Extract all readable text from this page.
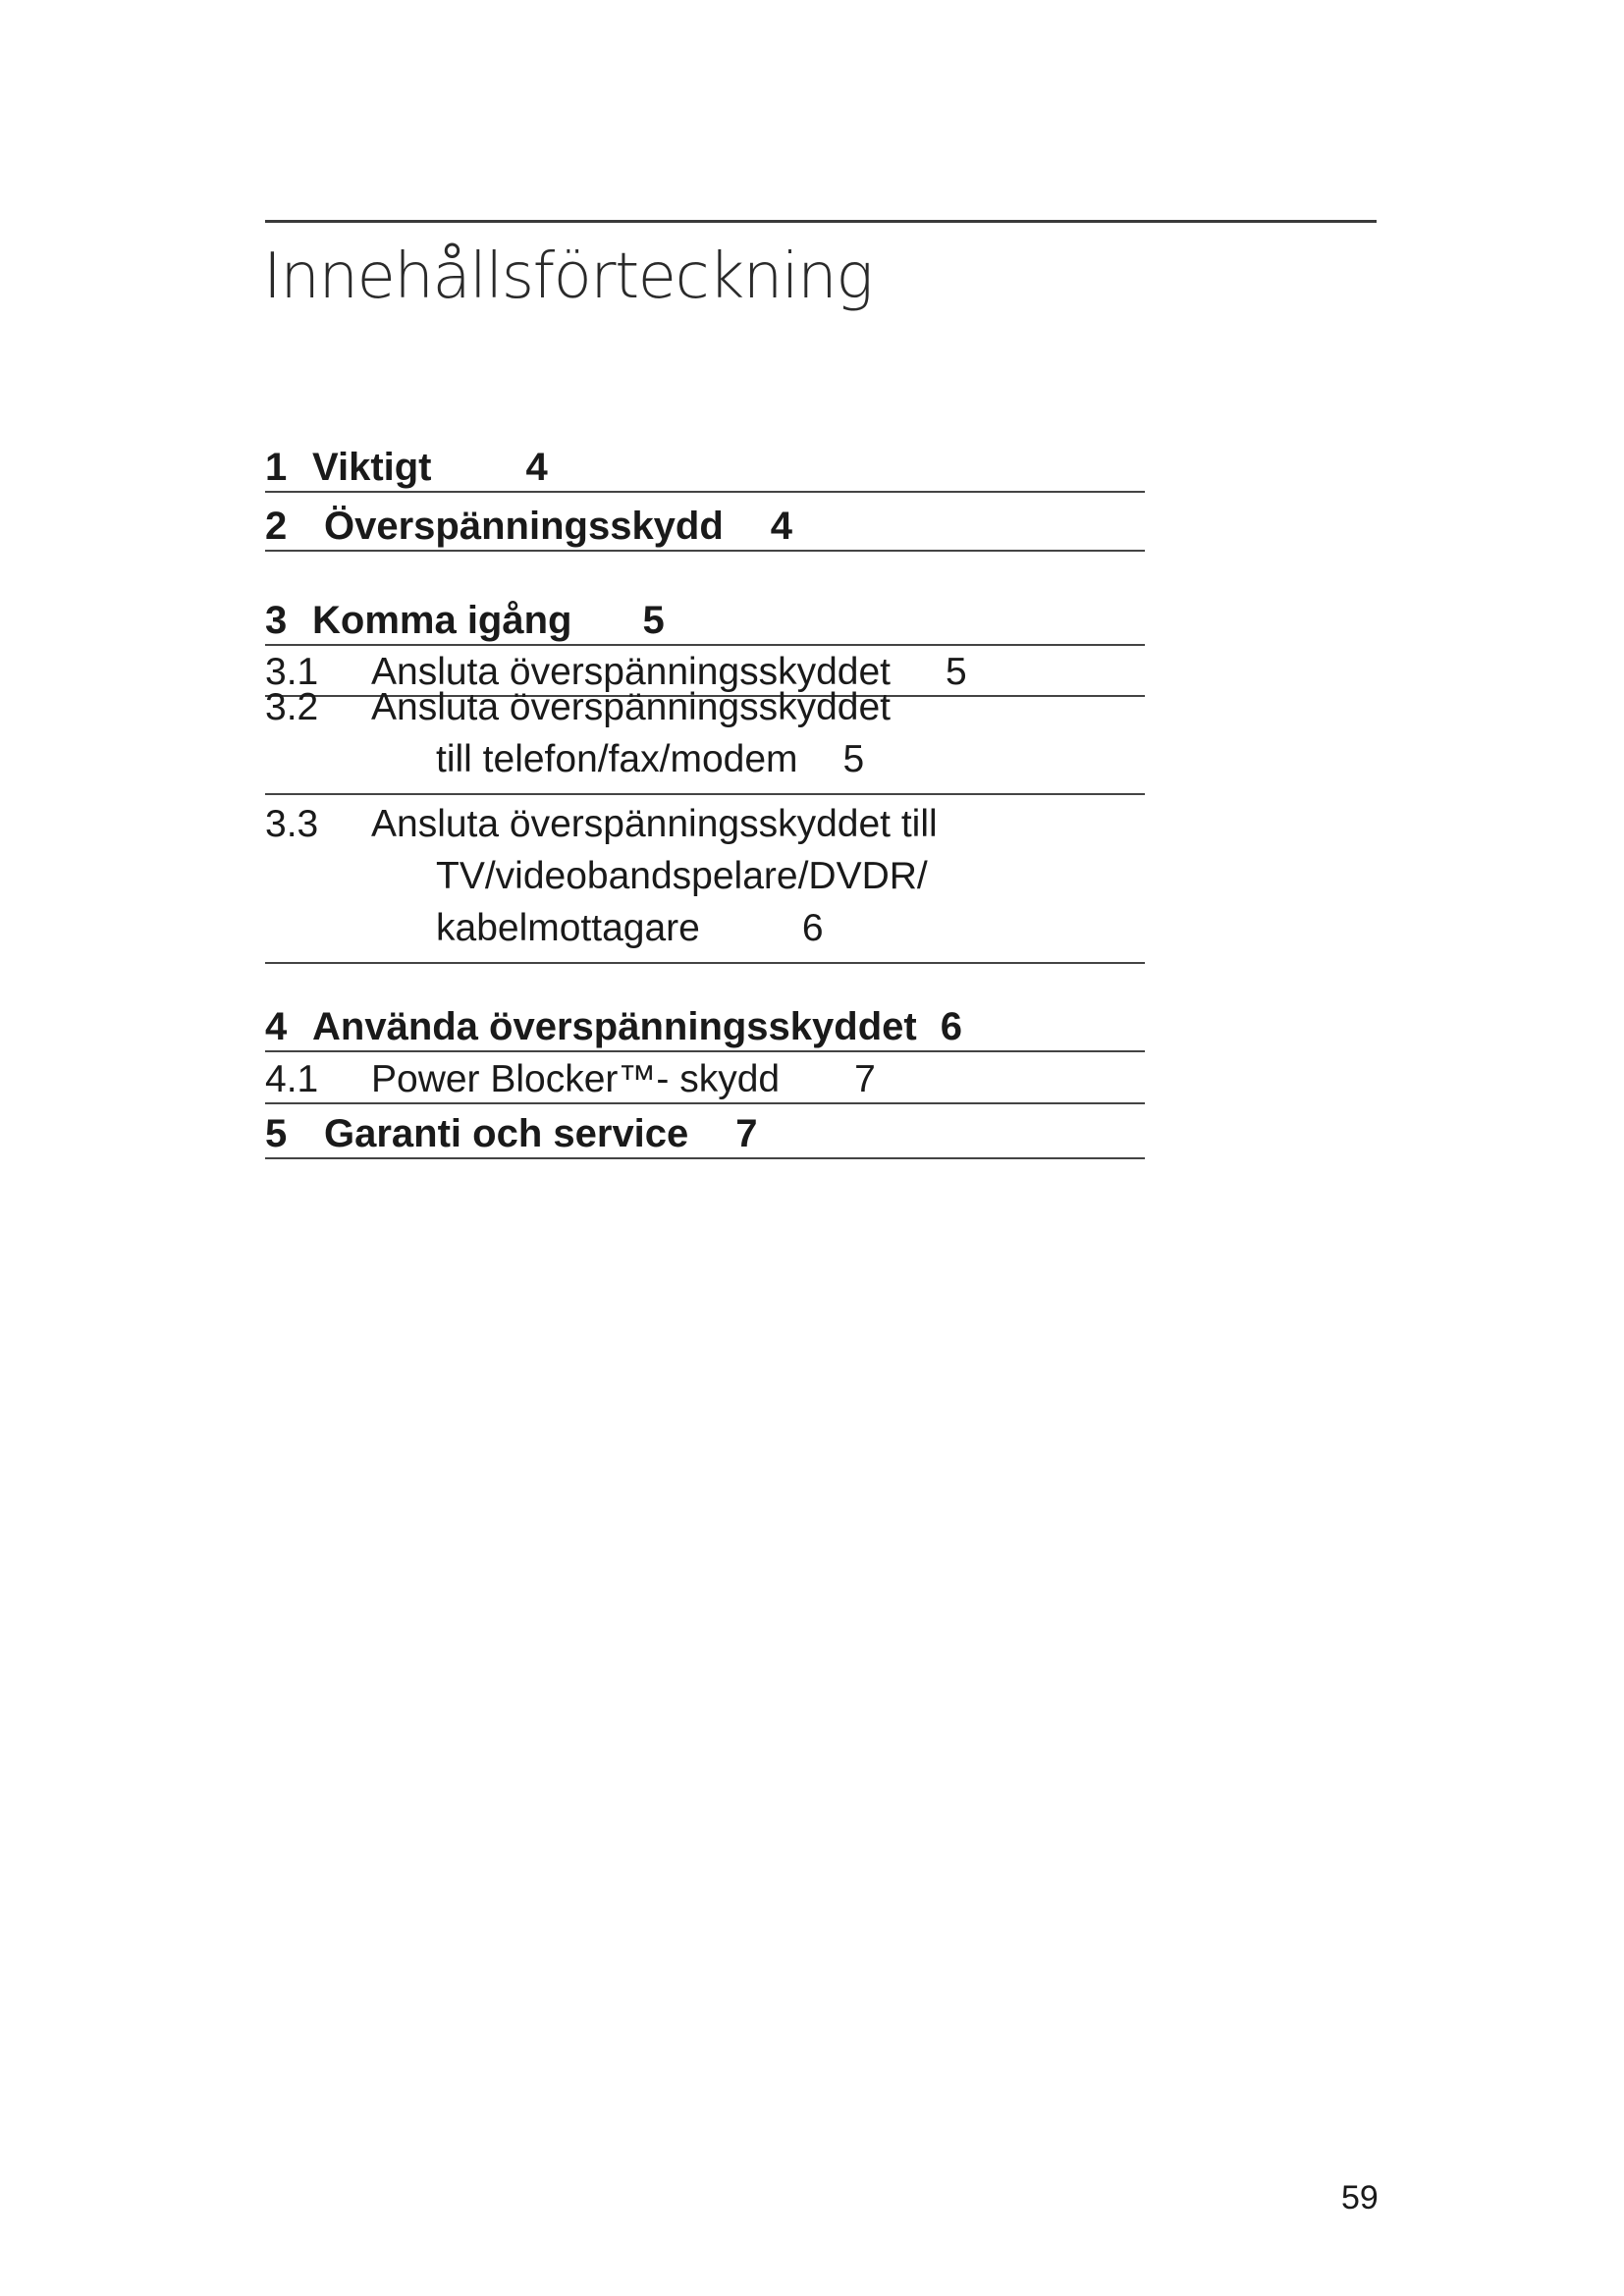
Innehållsförteckning
1 Viktigt 4
2 Överspänningsskydd 4
3 Komma igång 5
3.1 Ansluta överspänningsskyddet 5
3.2 Ansluta överspänningsskyddet
till telefon/fax/modem 5
3.3 Ansluta överspänningsskyddet till
TV/videobandspelare/DVDR/
kabelmottagare	6
4 Använda överspänningsskyddet 6
4.1 Power Blocker™- skydd 7
5 Garanti och service 7
59
